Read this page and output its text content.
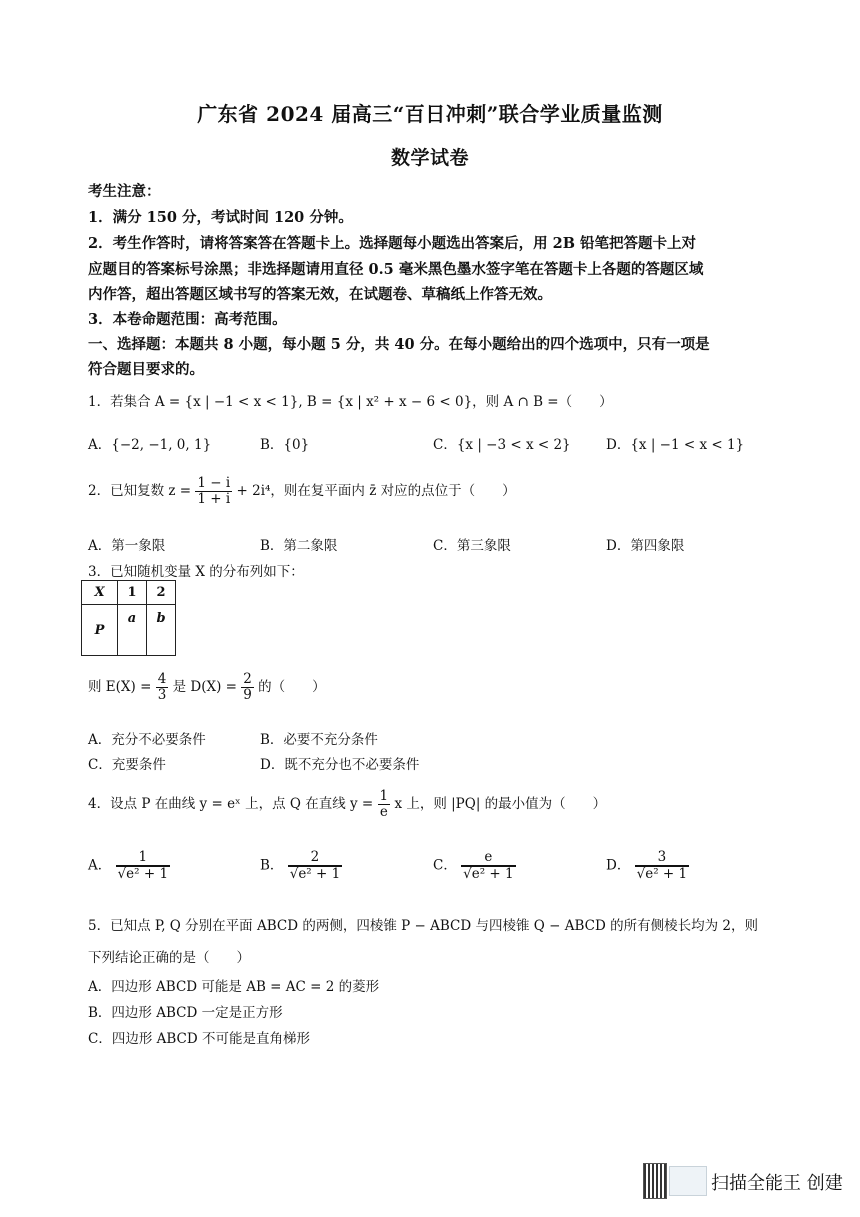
广东省 2024 届高三“百日冲刺”联合学业质量监测
数学试卷
考生注意：
1．满分 150 分，考试时间 120 分钟。
2．考生作答时，请将答案答在答题卡上。选择题每小题选出答案后，用 2B 铅笔把答题卡上对
应题目的答案标号涂黑；非选择题请用直径 0.5 毫米黑色墨水签字笔在答题卡上各题的答题区域
内作答，超出答题区域书写的答案无效，在试题卷、草稿纸上作答无效。
3．本卷命题范围：高考范围。
一、选择题：本题共 8 小题，每小题 5 分，共 40 分。在每小题给出的四个选项中，只有一项是
符合题目要求的。
1．若集合 A = {x | −1 < x < 1}, B = {x | x² + x − 6 < 0}，则 A ∩ B =（　　）
A．{−2, −1, 0, 1}	B．{0}	C．{x | −3 < x < 2}	D．{x | −1 < x < 1}
2．已知复数 $z = \frac{1 - i}{1 + i} + 2i^4$，则在复平面内 z̄ 对应的点位于（　　）
A．第一象限	B．第二象限	C．第三象限	D．第四象限
3．已知随机变量 X 的分布列如下：
X	1	2
P	a	b
则 $E(X) = \frac{4}{3}$ 是 $D(X) = \frac{2}{9}$ 的（　　）
A．充分不必要条件	B．必要不充分条件
C．充要条件	D．既不充分也不必要条件
4．设点 P 在曲线 y = eˣ 上，点 Q 在直线 $y = \frac{1}{e}$ x 上，则 |PQ| 的最小值为（　　）
A． $\frac{1}{\text{√e² + 1}}$	B． $\frac{2}{\text{√e² + 1}}$	C． $\frac{e}{\text{√e² + 1}}$	D． $\frac{3}{\text{√e² + 1}}$
5．已知点 P, Q 分别在平面 ABCD 的两侧，四棱锥 P − ABCD 与四棱锥 Q − ABCD 的所有侧棱长均为 2，则
下列结论正确的是（　　）
A．四边形 ABCD 可能是 AB = AC = 2 的菱形
B．四边形 ABCD 一定是正方形
C．四边形 ABCD 不可能是直角梯形
扫描全能王 创建
